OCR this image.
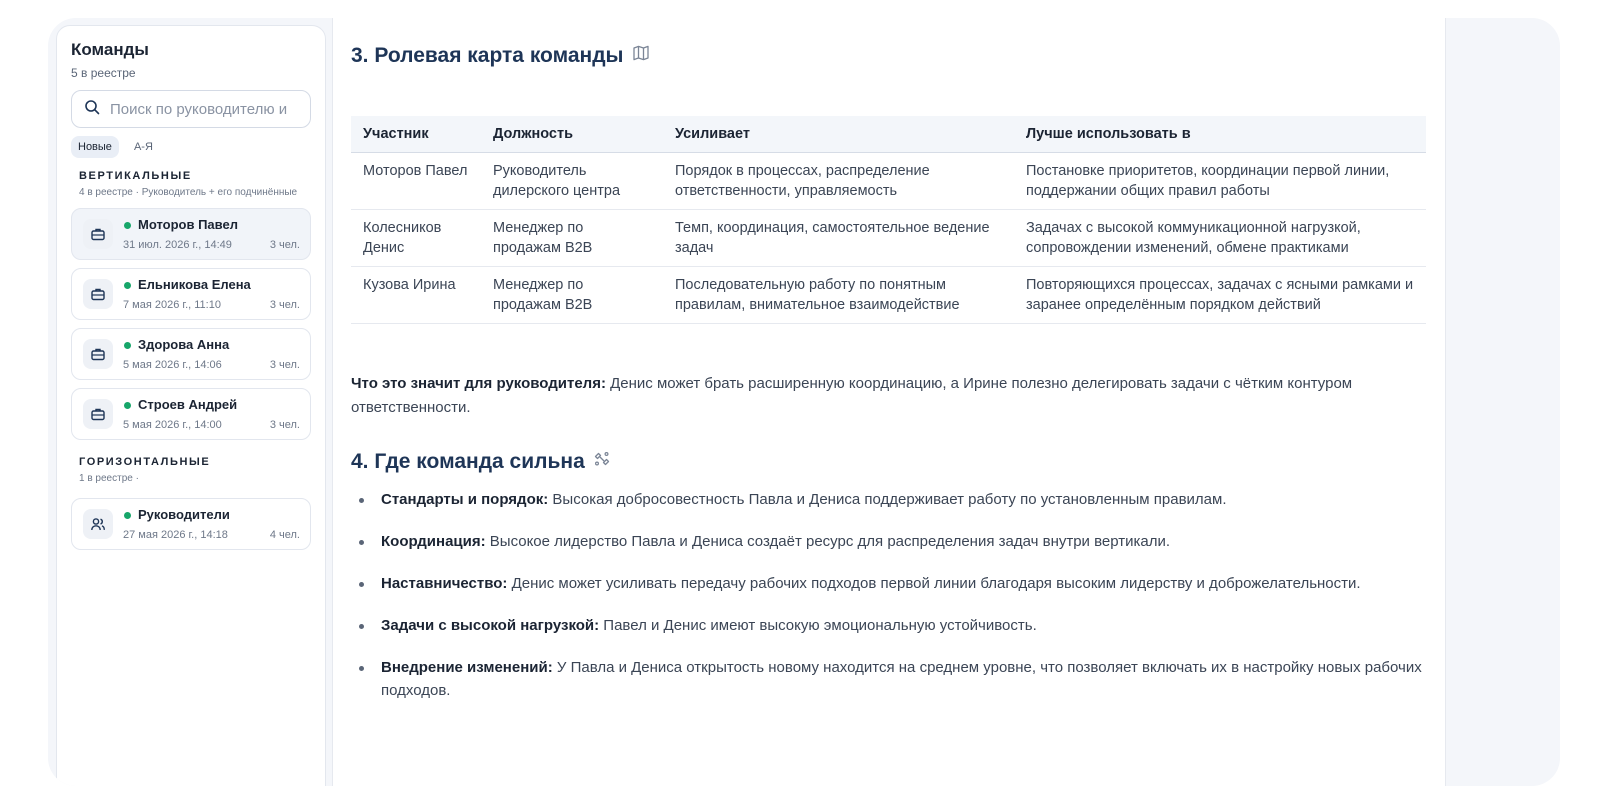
Команды
5 в реестре
Поиск по руководителю и
Новые	А-Я
ВЕРТИКАЛЬНЫЕ
4 в реестре · Руководитель + его подчинённые
Моторов Павел
31 июл. 2026 г., 14:49	3 чел.
Ельникова Елена
7 мая 2026 г., 11:10	3 чел.
Здорова Анна
5 мая 2026 г., 14:06	3 чел.
Строев Андрей
5 мая 2026 г., 14:00	3 чел.
ГОРИЗОНТАЛЬНЫЕ
1 в реестре ·
Руководители
27 мая 2026 г., 14:18	4 чел.
3. Ролевая карта команды
Участник	Должность	Усиливает	Лучше использовать в
Моторов Павел	Руководитель дилерского центра	Порядок в процессах, распределение ответственности, управляемость	Постановке приоритетов, координации первой линии, поддержании общих правил работы
Колесников Денис	Менеджер по продажам B2B	Темп, координация, самостоятельное ведение задач	Задачах с высокой коммуникационной нагрузкой, сопровождении изменений, обмене практиками
Кузова Ирина	Менеджер по продажам B2B	Последовательную работу по понятным правилам, внимательное взаимодействие	Повторяющихся процессах, задачах с ясными рамками и заранее определённым порядком действий

Что это значит для руководителя: Денис может брать расширенную координацию, а Ирине полезно делегировать задачи с чётким контуром ответственности.

4. Где команда сильна
Стандарты и порядок: Высокая добросовестность Павла и Дениса поддерживает работу по установленным правилам.
Координация: Высокое лидерство Павла и Дениса создаёт ресурс для распределения задач внутри вертикали.
Наставничество: Денис может усиливать передачу рабочих подходов первой линии благодаря высоким лидерству и доброжелательности.
Задачи с высокой нагрузкой: Павел и Денис имеют высокую эмоциональную устойчивость.
Внедрение изменений: У Павла и Дениса открытость новому находится на среднем уровне, что позволяет включать их в настройку новых рабочих подходов.
